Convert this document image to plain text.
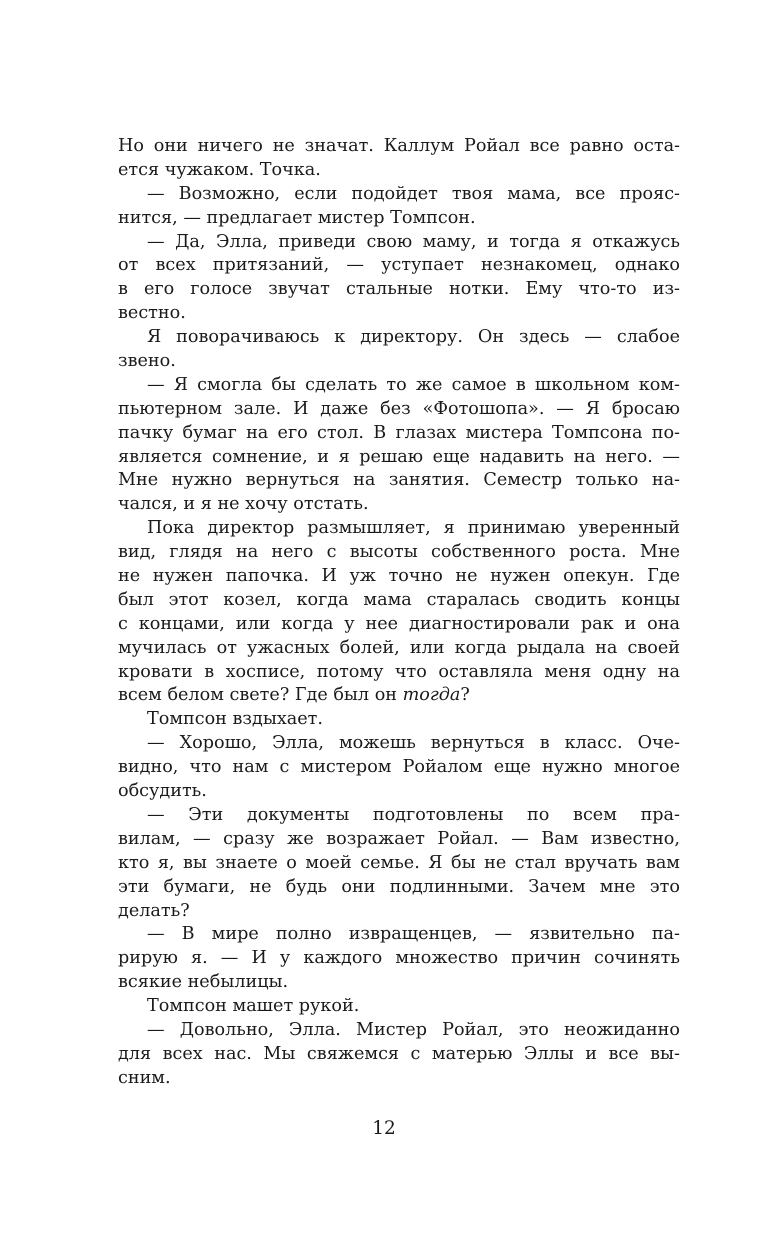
Но они ничего не значат. Каллум Ройал все равно оста-
ется чужаком. Точка.
— Возможно, если подойдет твоя мама, все прояс-
нится, — предлагает мистер Томпсон.
— Да, Элла, приведи свою маму, и тогда я откажусь
от всех притязаний, — уступает незнакомец, однако
в его голосе звучат стальные нотки. Ему что-то из-
вестно.
Я поворачиваюсь к директору. Он здесь — слабое
звено.
— Я смогла бы сделать то же самое в школьном ком-
пьютерном зале. И даже без «Фотошопа». — Я бросаю
пачку бумаг на его стол. В глазах мистера Томпсона по-
является сомнение, и я решаю еще надавить на него. —
Мне нужно вернуться на занятия. Семестр только на-
чался, и я не хочу отстать.
Пока директор размышляет, я принимаю уверенный
вид, глядя на него с высоты собственного роста. Мне
не нужен папочка. И уж точно не нужен опекун. Где
был этот козел, когда мама старалась сводить концы
с концами, или когда у нее диагностировали рак и она
мучилась от ужасных болей, или когда рыдала на своей
кровати в хосписе, потому что оставляла меня одну на
всем белом свете? Где был он тогда?
Томпсон вздыхает.
— Хорошо, Элла, можешь вернуться в класс. Оче-
видно, что нам с мистером Ройалом еще нужно многое
обсудить.
— Эти документы подготовлены по всем пра-
вилам, — сразу же возражает Ройал. — Вам известно,
кто я, вы знаете о моей семье. Я бы не стал вручать вам
эти бумаги, не будь они подлинными. Зачем мне это
делать?
— В мире полно извращенцев, — язвительно па-
рирую я. — И у каждого множество причин сочинять
всякие небылицы.
Томпсон машет рукой.
— Довольно, Элла. Мистер Ройал, это неожиданно
для всех нас. Мы свяжемся с матерью Эллы и все вы-
сним.
12
